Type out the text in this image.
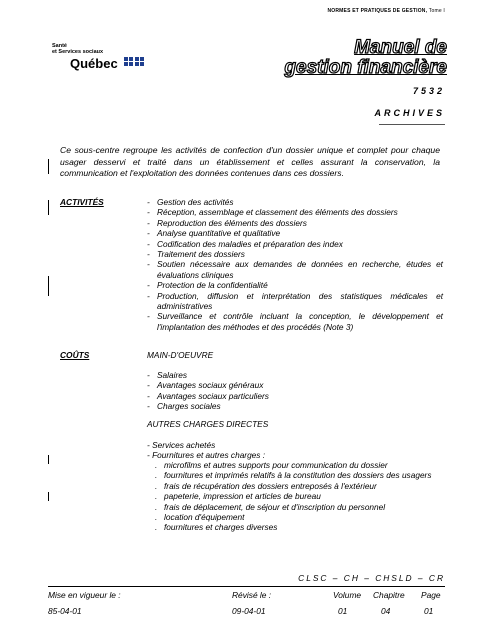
NORMES ET PRATIQUES DE GESTION, Tome I
Santé
et Services sociaux
Québec
Manuel de
gestion financière
7532
ARCHIVES
Ce sous-centre regroupe les activités de confection d'un dossier unique et complet pour chaque usager desservi et traité dans un établissement et celles assurant la conservation, la communication et l'exploitation des données contenues dans ces dossiers.
ACTIVITÉS
-	Gestion des activités
- Réception, assemblage et classement des éléments des dossiers
- Reproduction des éléments des dossiers
- Analyse quantitative et qualitative
- Codification des maladies et préparation des index
- Traitement des dossiers
- Soutien nécessaire aux demandes de données en recherche, études et évaluations cliniques
- Protection de la confidentialité
- Production, diffusion et interprétation des statistiques médicales et administratives
- Surveillance et contrôle incluant la conception, le développement et l'implantation des méthodes et des procédés (Note 3)
COÛTS	MAIN-D'OEUVRE
- Salaires
- Avantages sociaux généraux
- Avantages sociaux particuliers
- Charges sociales
AUTRES CHARGES DIRECTES
- Services achetés
- Fournitures et autres charges :
. microfilms et autres supports pour communication du dossier
. fournitures et imprimés relatifs à la constitution des dossiers des usagers
. frais de récupération des dossiers entreposés à l'extérieur
. papeterie, impression et articles de bureau
. frais de déplacement, de séjour et d'inscription du personnel
. location d'équipement
. fournitures et charges diverses
CLSC – CH – CHSLD – CR
Mise en vigueur le :	Révisé le :	Volume Chapitre Page
85-04-01	09-04-01	01	04	01
